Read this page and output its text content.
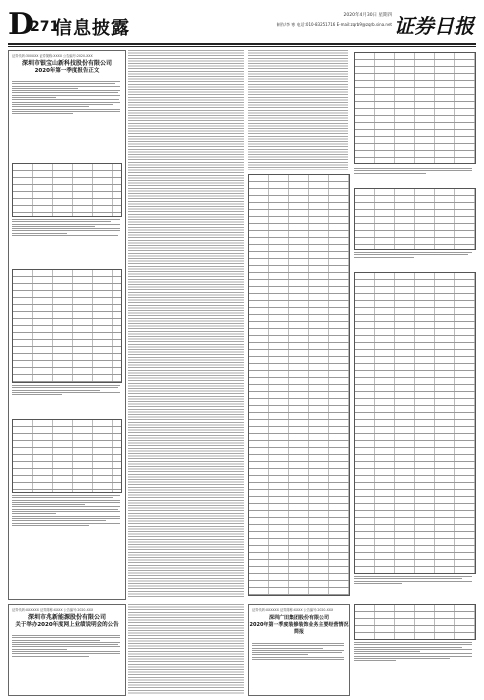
D
271
信息披露
2020年4月30日 星期四
制作/李 寒 电话:010-83251716 E-mail:zqrb9@zqrb.sina.net 证券日报
证券代码:300XXX 证券简称:XXXX 公告编号:2020-XXX
深圳市银宝山新科技股份有限公司
2020年第一季度报告正文
证券代码:XXXXXX 证券简称:XXXX 公告编号:2020-XXX
深圳市兆新能源股份有限公司
关于举办2020年度网上业绩说明会的公告
证券代码:XXXXXX 证券简称:XXXX 公告编号:2020-XXX
深圳广田集团股份有限公司
2020年第一季度装修装饰业务主要经营情况简报
